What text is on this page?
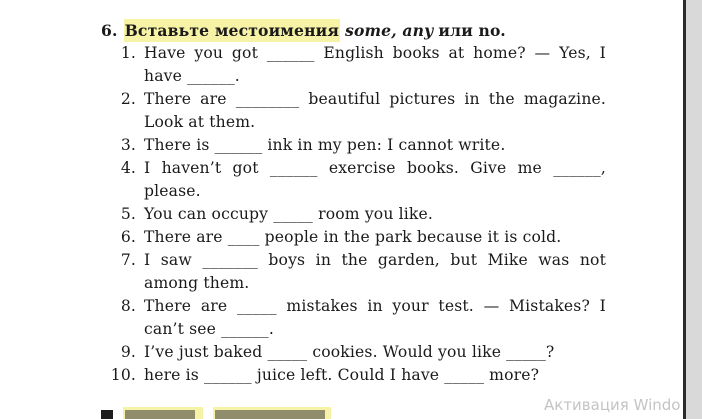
6. Вставьте местоимения some, any или no.
1. Have you got ______ English books at home? — Yes, I have ______.
2. There are ________ beautiful pictures in the magazine. Look at them.
3. There is ______ ink in my pen: I cannot write.
4. I haven’t got ______ exercise books. Give me ______, please.
5. You can occupy _____ room you like.
6. There are ____ people in the park because it is cold.
7. I saw _______ boys in the garden, but Mike was not among them.
8. There are _____ mistakes in your test. — Mistakes? I can’t see ______.
9. I’ve just baked _____ cookies. Would you like _____?
10. here is ______ juice left. Could I have _____ more?
Активация Windo
